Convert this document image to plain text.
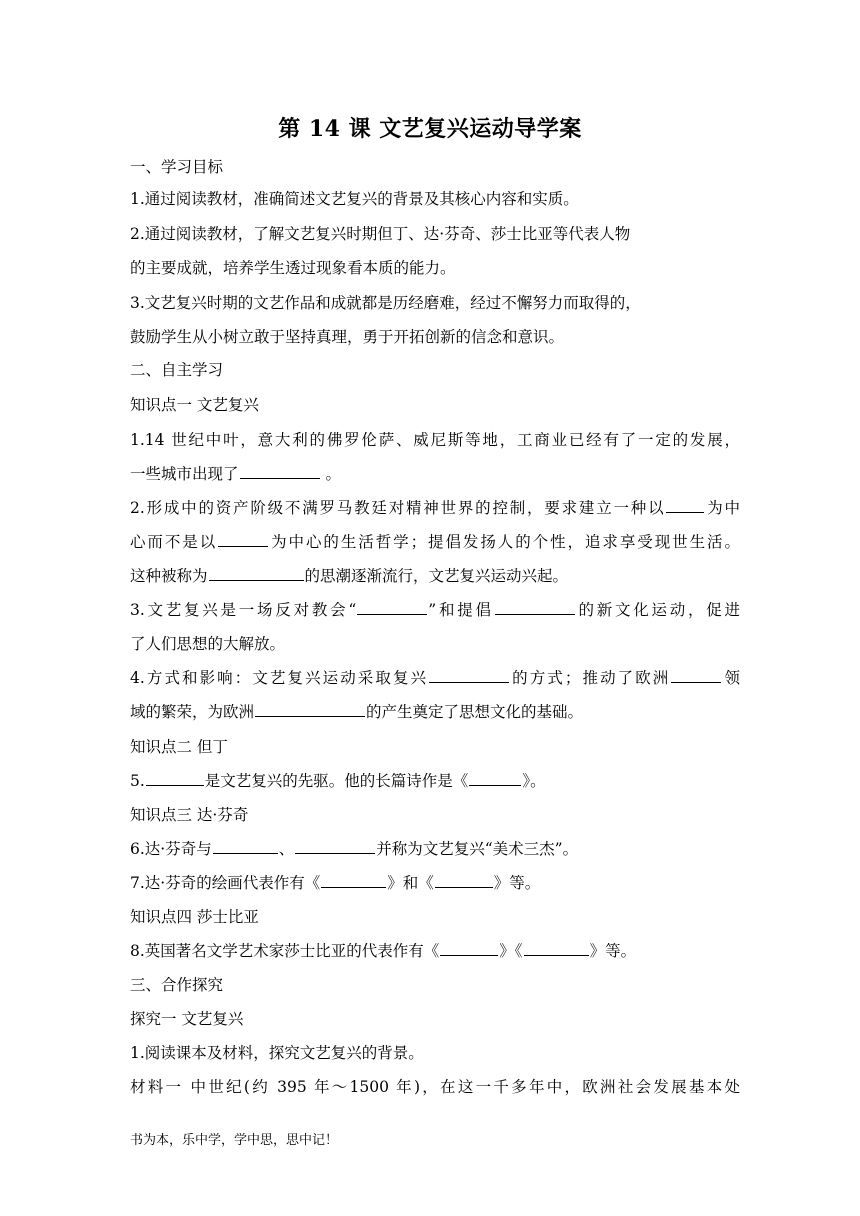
第 14 课 文艺复兴运动导学案
一、学习目标
1.通过阅读教材，准确简述文艺复兴的背景及其核心内容和实质。
2.通过阅读教材，了解文艺复兴时期但丁、达·芬奇、莎士比亚等代表人物
的主要成就，培养学生透过现象看本质的能力。
3.文艺复兴时期的文艺作品和成就都是历经磨难，经过不懈努力而取得的，
鼓励学生从小树立敢于坚持真理，勇于开拓创新的信念和意识。
二、自主学习
知识点一 文艺复兴
1.14 世纪中叶，意大利的佛罗伦萨、威尼斯等地，工商业已经有了一定的发展，
一些城市出现了	。
2.形成中的资产阶级不满罗马教廷对精神世界的控制，要求建立一种以	为中
心而不是以	为中心的生活哲学；提倡发扬人的个性，追求享受现世生活。
这种被称为	的思潮逐渐流行，文艺复兴运动兴起。
3.文艺复兴是一场反对教会“	”和提倡	的新文化运动，促进
了人们思想的大解放。
4.方式和影响：文艺复兴运动采取复兴	的方式；推动了欧洲	领
域的繁荣，为欧洲	的产生奠定了思想文化的基础。
知识点二 但丁
5.	是文艺复兴的先驱。他的长篇诗作是《	》。
知识点三 达·芬奇
6.达·芬奇与	、	并称为文艺复兴“美术三杰”。
7.达·芬奇的绘画代表作有《	》和《	》等。
知识点四 莎士比亚
8.英国著名文学艺术家莎士比亚的代表作有《	》《	》等。
三、合作探究
探究一 文艺复兴
1.阅读课本及材料，探究文艺复兴的背景。
材料一 中世纪(约 395 年～1500 年)，在这一千多年中，欧洲社会发展基本处
书为本，乐中学，学中思，思中记！
